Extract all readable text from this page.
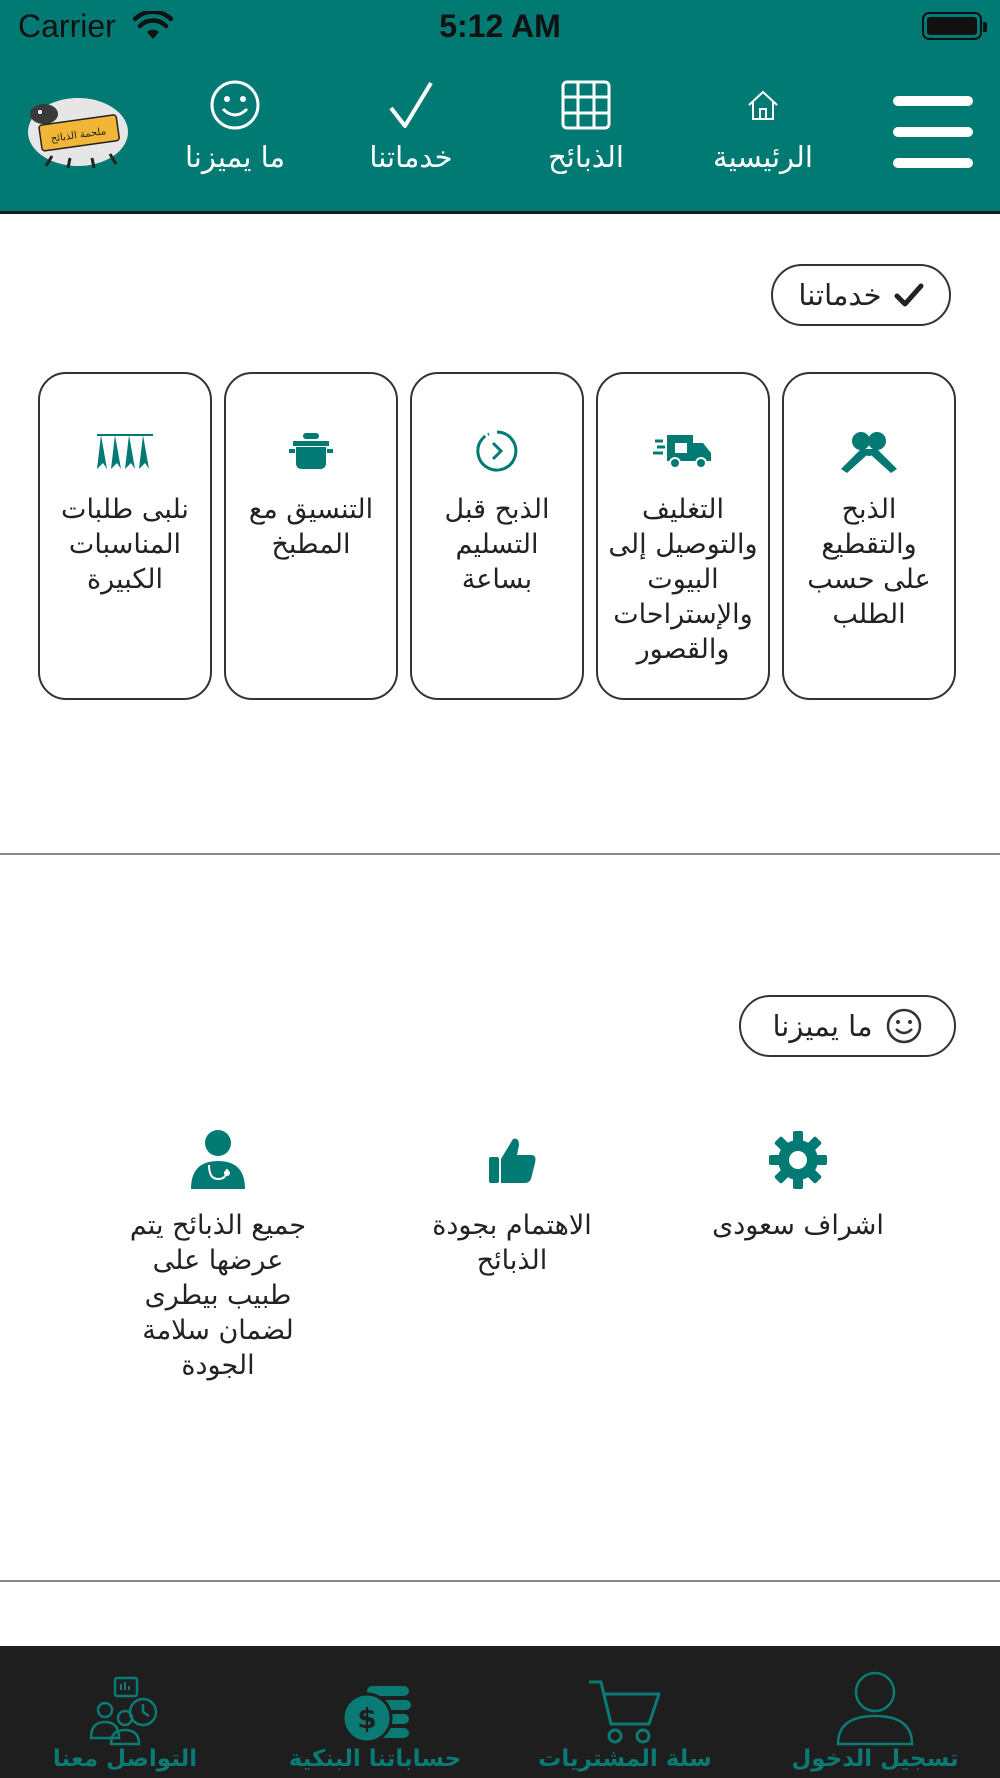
Carrier	5:12 AM
الرئيسية
الذبائح
خدماتنا
ما يميزنا
ملحمة الذبائح
خدماتنا
الذبح والتقطيع على حسب الطلب
التغليف والتوصيل إلى البيوت والإستراحات والقصور
الذبح قبل التسليم بساعة
التنسيق مع المطبخ
نلبى طلبات المناسبات الكبيرة
ما يميزنا
اشراف سعودى
الاهتمام بجودة الذبائح
جميع الذبائح يتم عرضها على طبيب بيطرى لضمان سلامة الجودة
تسجيل الدخول
سلة المشتريات
$
حساباتنا البنكية
التواصل معنا
